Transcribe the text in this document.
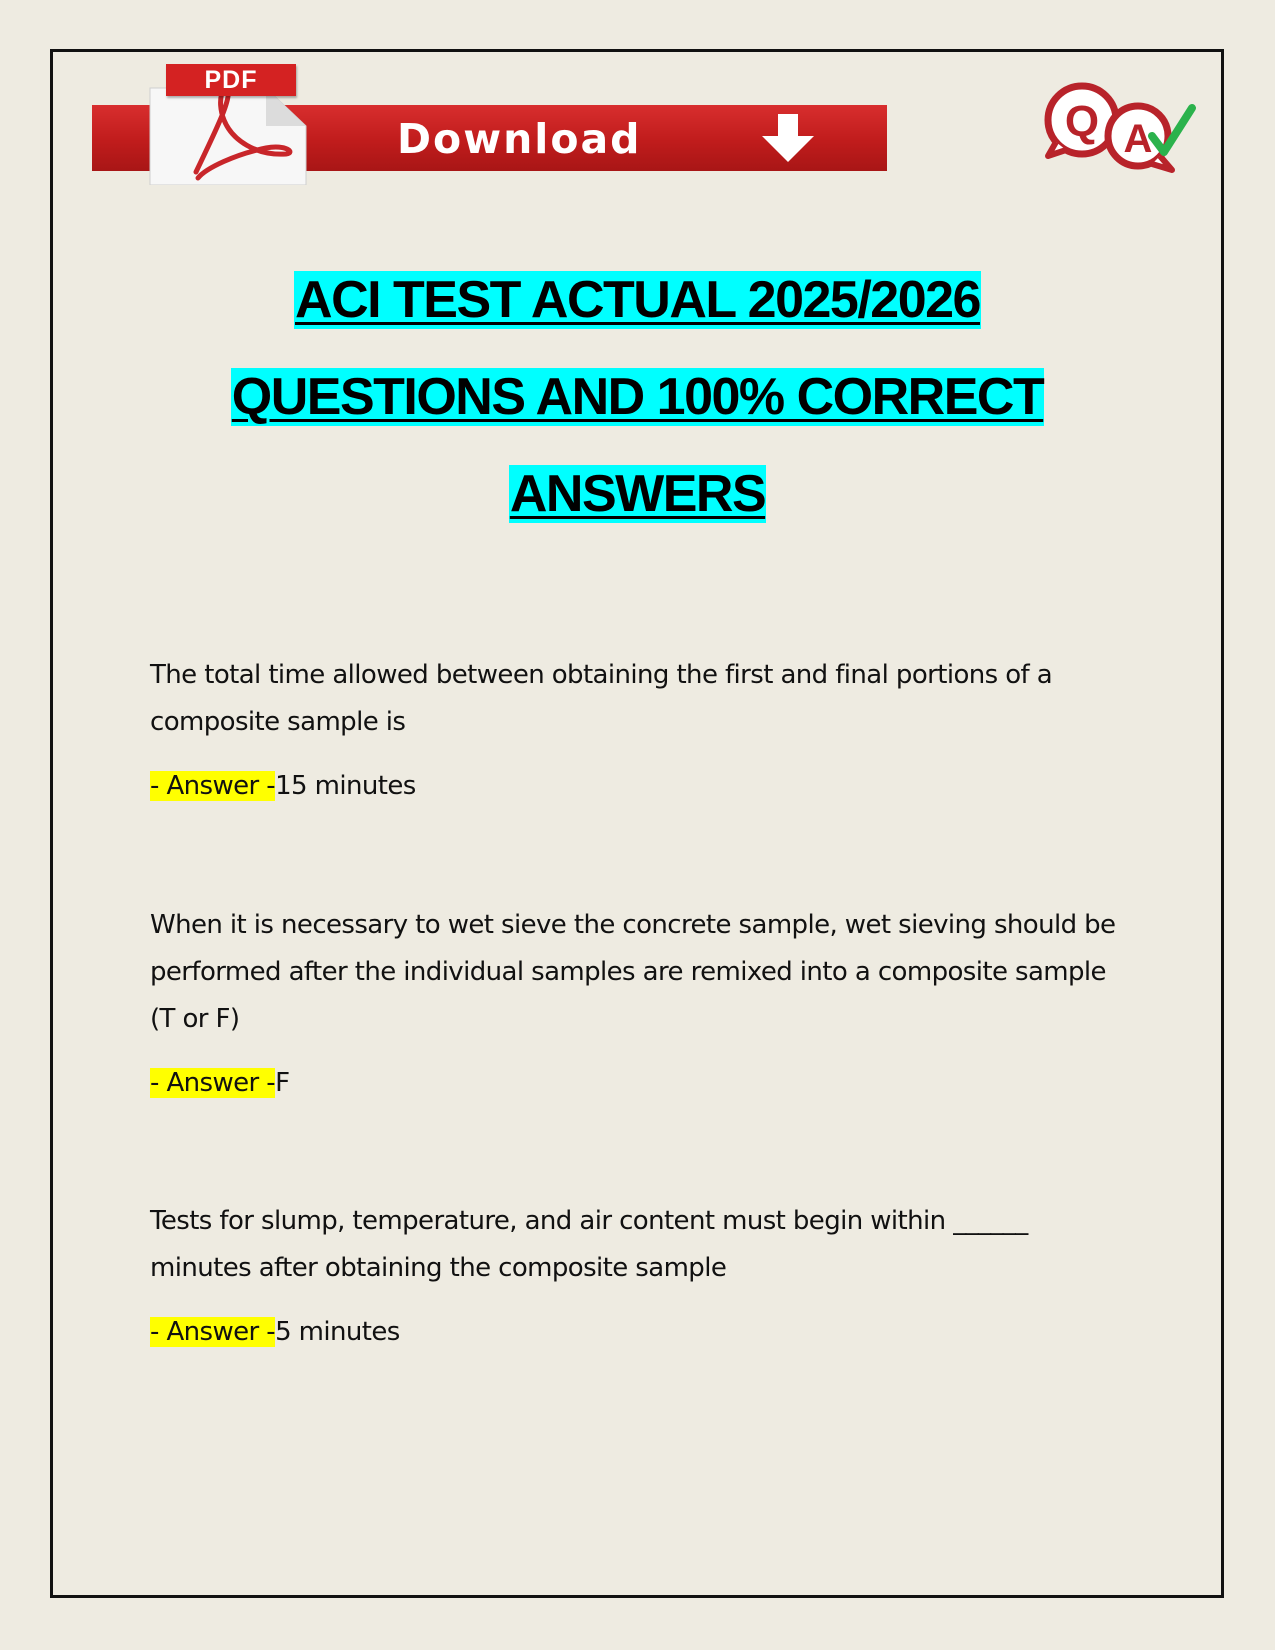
Download
PDF
Q A
ACI TEST ACTUAL 2025/2026
QUESTIONS AND 100% CORRECT
ANSWERS

The total time allowed between obtaining the first and final portions of a composite sample is

- Answer -15 minutes

When it is necessary to wet sieve the concrete sample, wet sieving should be performed after the individual samples are remixed into a composite sample (T or F)

- Answer -F

Tests for slump, temperature, and air content must begin within ______ minutes after obtaining the composite sample

- Answer -5 minutes
